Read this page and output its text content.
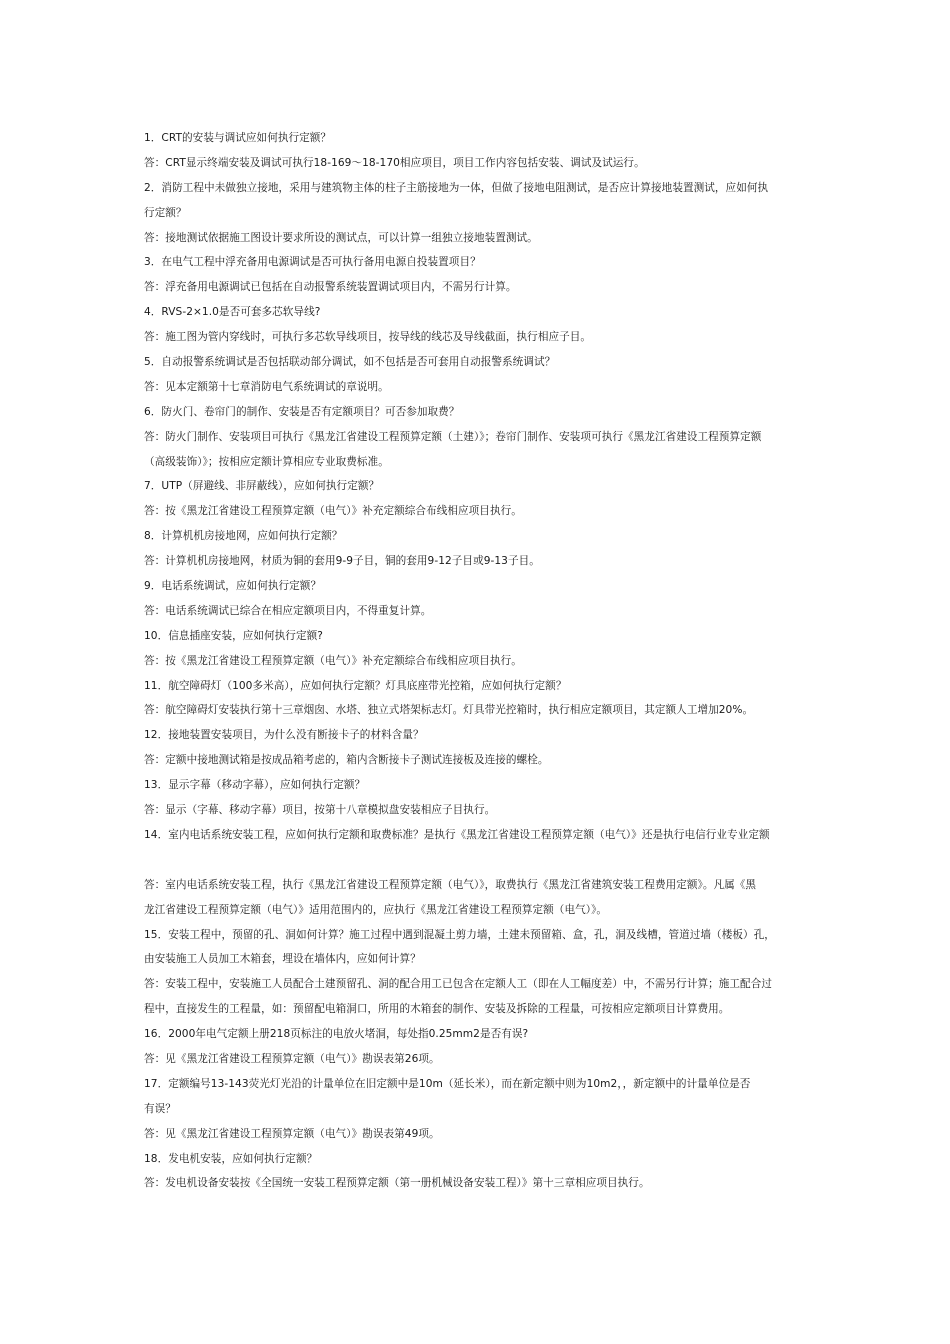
1．CRT的安装与调试应如何执行定额？
答：CRT显示终端安装及调试可执行18-169～18-170相应项目，项目工作内容包括安装、调试及试运行。
2．消防工程中未做独立接地，采用与建筑物主体的柱子主筋接地为一体，但做了接地电阻测试，是否应计算接地装置测试，应如何执
行定额？
答：接地测试依据施工图设计要求所设的测试点，可以计算一组独立接地装置测试。
3．在电气工程中浮充备用电源调试是否可执行备用电源自投装置项目？
答：浮充备用电源调试已包括在自动报警系统装置调试项目内，不需另行计算。
4．RVS-2×1.0是否可套多芯软导线?
答：施工图为管内穿线时，可执行多芯软导线项目，按导线的线芯及导线截面，执行相应子目。
5．自动报警系统调试是否包括联动部分调试，如不包括是否可套用自动报警系统调试？
答：见本定额第十七章消防电气系统调试的章说明。
6．防火门、卷帘门的制作、安装是否有定额项目？可否参加取费？
答：防火门制作、安装项目可执行《黑龙江省建设工程预算定额（土建）》；卷帘门制作、安装项可执行《黑龙江省建设工程预算定额
（高级装饰）》；按相应定额计算相应专业取费标准。
7．UTP（屏避线、非屏蔽线），应如何执行定额？
答：按《黑龙江省建设工程预算定额（电气）》补充定额综合布线相应项目执行。
8．计算机机房接地网，应如何执行定额？
答：计算机机房接地网，材质为铜的套用9-9子目，铜的套用9-12子目或9-13子目。
9．电话系统调试，应如何执行定额？
答：电话系统调试已综合在相应定额项目内，不得重复计算。
10．信息插座安装，应如何执行定额?
答：按《黑龙江省建设工程预算定额（电气）》补充定额综合布线相应项目执行。
11．航空障碍灯（100多米高），应如何执行定额？灯具底座带光控箱，应如何执行定额？
答：航空障碍灯安装执行第十三章烟囱、水塔、独立式塔架标志灯。灯具带光控箱时，执行相应定额项目，其定额人工增加20%。
12．接地装置安装项目，为什么没有断接卡子的材料含量？
答：定额中接地测试箱是按成品箱考虑的，箱内含断接卡子测试连接板及连接的螺栓。
13．显示字幕（移动字幕），应如何执行定额？
答：显示（字幕、移动字幕）项目，按第十八章模拟盘安装相应子目执行。
14．室内电话系统安装工程，应如何执行定额和取费标准？是执行《黑龙江省建设工程预算定额（电气）》还是执行电信行业专业定额
答：室内电话系统安装工程，执行《黑龙江省建设工程预算定额（电气）》，取费执行《黑龙江省建筑安装工程费用定额》。凡属《黑
龙江省建设工程预算定额（电气）》适用范围内的，应执行《黑龙江省建设工程预算定额（电气）》。
15．安装工程中，预留的孔、洞如何计算？施工过程中遇到混凝土剪力墙，土建未预留箱、盒，孔，洞及线槽，管道过墙（楼板）孔，
由安装施工人员加工木箱套，埋设在墙体内，应如何计算？
答：安装工程中，安装施工人员配合土建预留孔、洞的配合用工已包含在定额人工（即在人工幅度差）中，不需另行计算；施工配合过
程中，直接发生的工程量，如：预留配电箱洞口，所用的木箱套的制作、安装及拆除的工程量，可按相应定额项目计算费用。
16．2000年电气定额上册218页标注的电放火堵洞，每处指0.25mm2是否有误?
答：见《黑龙江省建设工程预算定额（电气）》勘误表第26项。
17．定额编号13-143荧光灯光沿的计量单位在旧定额中是10m（延长米），而在新定额中则为10m2，，新定额中的计量单位是否
有误？
答：见《黑龙江省建设工程预算定额（电气）》勘误表第49项。
18．发电机安装，应如何执行定额？
答：发电机设备安装按《全国统一安装工程预算定额（第一册机械设备安装工程）》第十三章相应项目执行。
